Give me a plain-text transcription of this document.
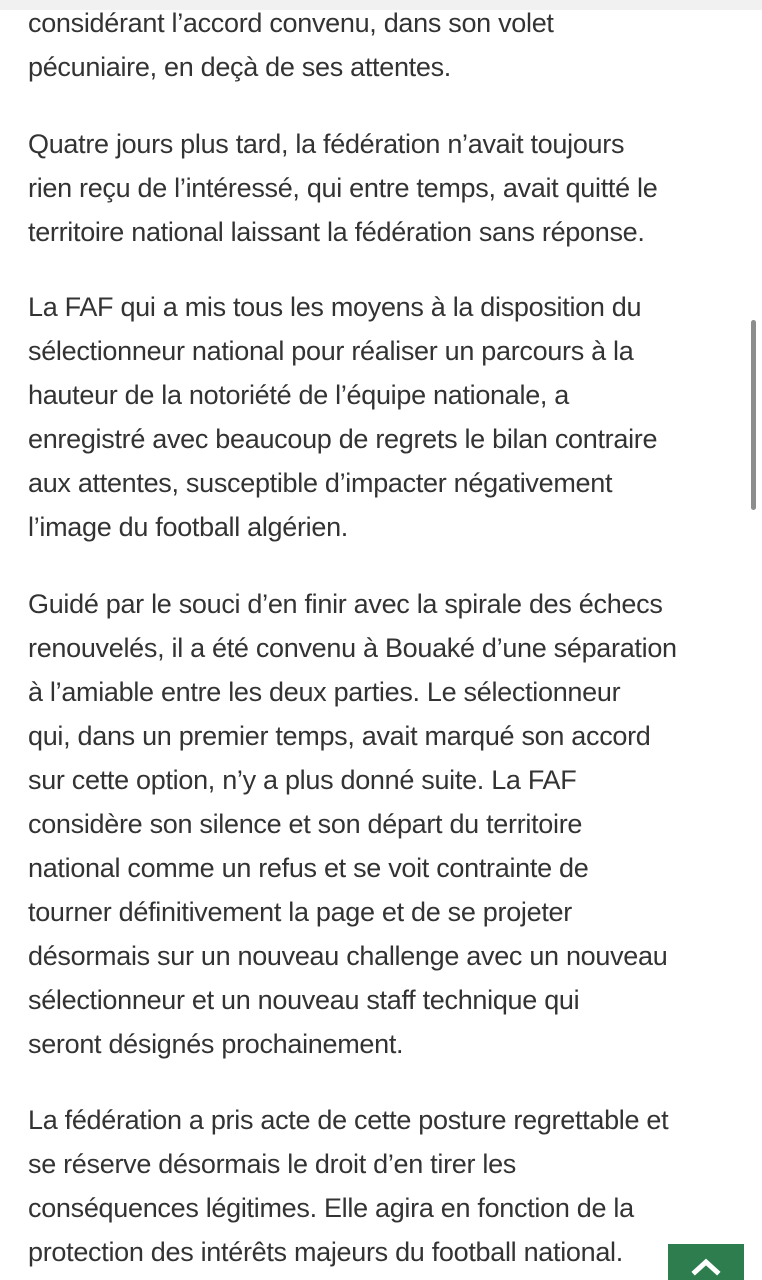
considérant l’accord convenu, dans son volet
pécuniaire, en deçà de ses attentes.

Quatre jours plus tard, la fédération n’avait toujours
rien reçu de l’intéressé, qui entre temps, avait quitté le
territoire national laissant la fédération sans réponse.

La FAF qui a mis tous les moyens à la disposition du
sélectionneur national pour réaliser un parcours à la
hauteur de la notoriété de l’équipe nationale, a
enregistré avec beaucoup de regrets le bilan contraire
aux attentes, susceptible d’impacter négativement
l’image du football algérien.

Guidé par le souci d’en finir avec la spirale des échecs
renouvelés, il a été convenu à Bouaké d’une séparation
à l’amiable entre les deux parties. Le sélectionneur
qui, dans un premier temps, avait marqué son accord
sur cette option, n’y a plus donné suite. La FAF
considère son silence et son départ du territoire
national comme un refus et se voit contrainte de
tourner définitivement la page et de se projeter
désormais sur un nouveau challenge avec un nouveau
sélectionneur et un nouveau staff technique qui
seront désignés prochainement.

La fédération a pris acte de cette posture regrettable et
se réserve désormais le droit d’en tirer les
conséquences légitimes. Elle agira en fonction de la
protection des intérêts majeurs du football national.
